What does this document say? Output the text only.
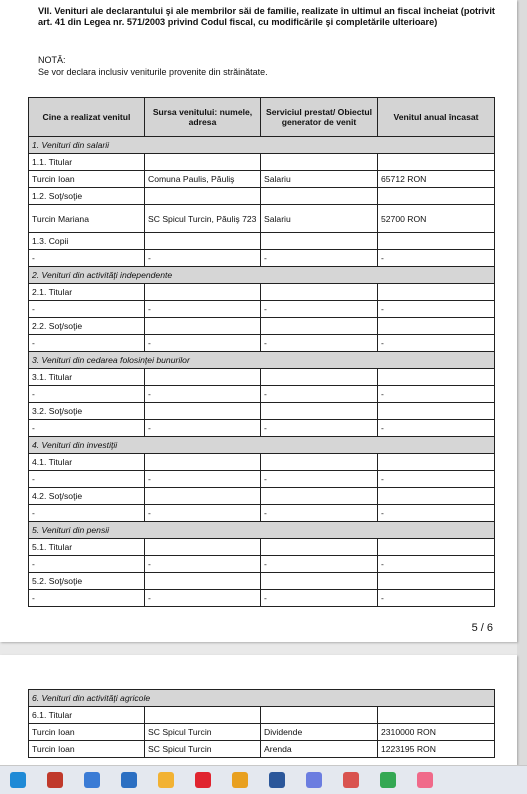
VII. Venituri ale declarantului şi ale membrilor săi de familie, realizate în ultimul an fiscal încheiat (potrivit art. 41 din Legea nr. 571/2003 privind Codul fiscal, cu modificările şi completările ulterioare)
NOTĂ:
Se vor declara inclusiv veniturile provenite din străinătate.
Cine a realizat venitul	Sursa venitului: numele, adresa	Serviciul prestat/ Obiectul generator de venit	Venitul anual încasat
1. Venituri din salarii			
1.1. Titular			
Turcin Ioan	Comuna Paulis, Păuliş	Salariu	65712 RON
1.2. Soţ/soţie			
Turcin Mariana	SC Spicul Turcin, Păuliş 723	Salariu	52700 RON
1.3. Copii			
-	-	-	-
2. Venituri din activităţi independente			
2.1. Titular			
-	-	-	-
2.2. Soţ/soţie			
-	-	-	-
3. Venituri din cedarea folosinţei bunurilor			
3.1. Titular			
-	-	-	-
3.2. Soţ/soţie			
-	-	-	-
4. Venituri din investiţii			
4.1. Titular			
-	-	-	-
4.2. Soţ/soţie			
-	-	-	-
5. Venituri din pensii			
5.1. Titular			
-	-	-	-
5.2. Soţ/soţie			
-	-	-	-
5 / 6
6. Venituri din activităţi agricole			
6.1. Titular			
Turcin Ioan	SC Spicul Turcin	Dividende	2310000 RON
Turcin Ioan	SC Spicul Turcin	Arenda	1223195 RON
